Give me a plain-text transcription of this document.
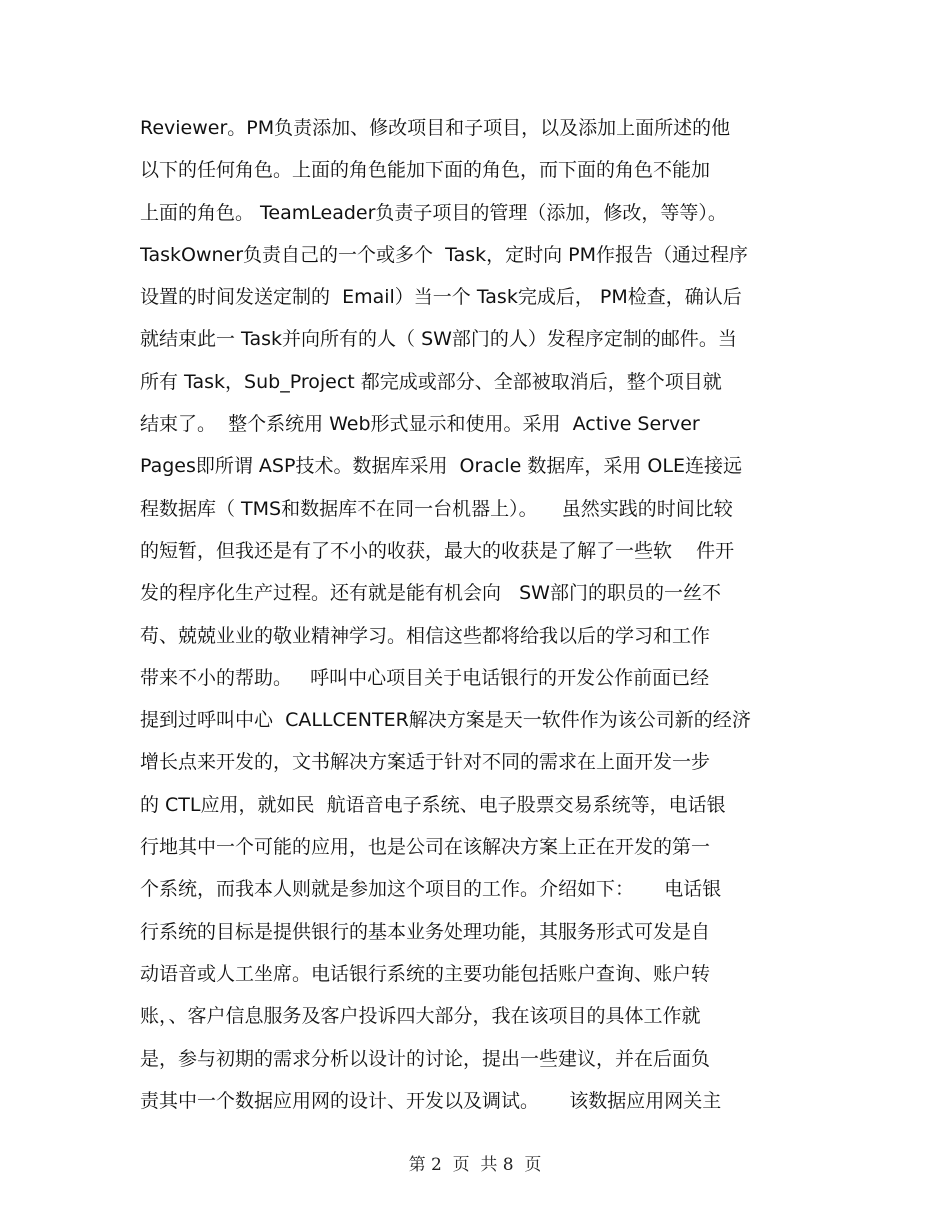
Reviewer。PM负责添加、修改项目和子项目，以及添加上面所述的他
以下的任何角色。上面的角色能加下面的角色，而下面的角色不能加
上面的角色。 TeamLeader负责子项目的管理（添加，修改，等等）。
TaskOwner负责自己的一个或多个  Task，定时向 PM作报告（通过程序
设置的时间发送定制的  Email）当一个 Task完成后， PM检查，确认后
就结束此一 Task并向所有的人（ SW部门的人）发程序定制的邮件。当
所有 Task，Sub_Project 都完成或部分、全部被取消后，整个项目就
结束了。  整个系统用 Web形式显示和使用。采用  Active Server
Pages即所谓 ASP技术。数据库采用  Oracle 数据库，采用 OLE连接远
程数据库（ TMS和数据库不在同一台机器上）。    虽然实践的时间比较
的短暂，但我还是有了不小的收获，最大的收获是了解了一些软    件开
发的程序化生产过程。还有就是能有机会向   SW部门的职员的一丝不
苟、兢兢业业的敬业精神学习。相信这些都将给我以后的学习和工作
带来不小的帮助。   呼叫中心项目关于电话银行的开发公作前面已经
提到过呼叫中心  CALLCENTER解决方案是天一软件作为该公司新的经济
增长点来开发的，文书解决方案适于针对不同的需求在上面开发一步
的 CTL应用，就如民  航语音电子系统、电子股票交易系统等，电话银
行地其中一个可能的应用，也是公司在该解决方案上正在开发的第一
个系统，而我本人则就是参加这个项目的工作。介绍如下：     电话银
行系统的目标是提供银行的基本业务处理功能，其服务形式可发是自
动语音或人工坐席。电话银行系统的主要功能包括账户查询、账户转
账，、客户信息服务及客户投诉四大部分，我在该项目的具体工作就
是，参与初期的需求分析以设计的讨论，提出一些建议，并在后面负
责其中一个数据应用网的设计、开发以及调试。     该数据应用网关主
第 2  页  共 8  页
